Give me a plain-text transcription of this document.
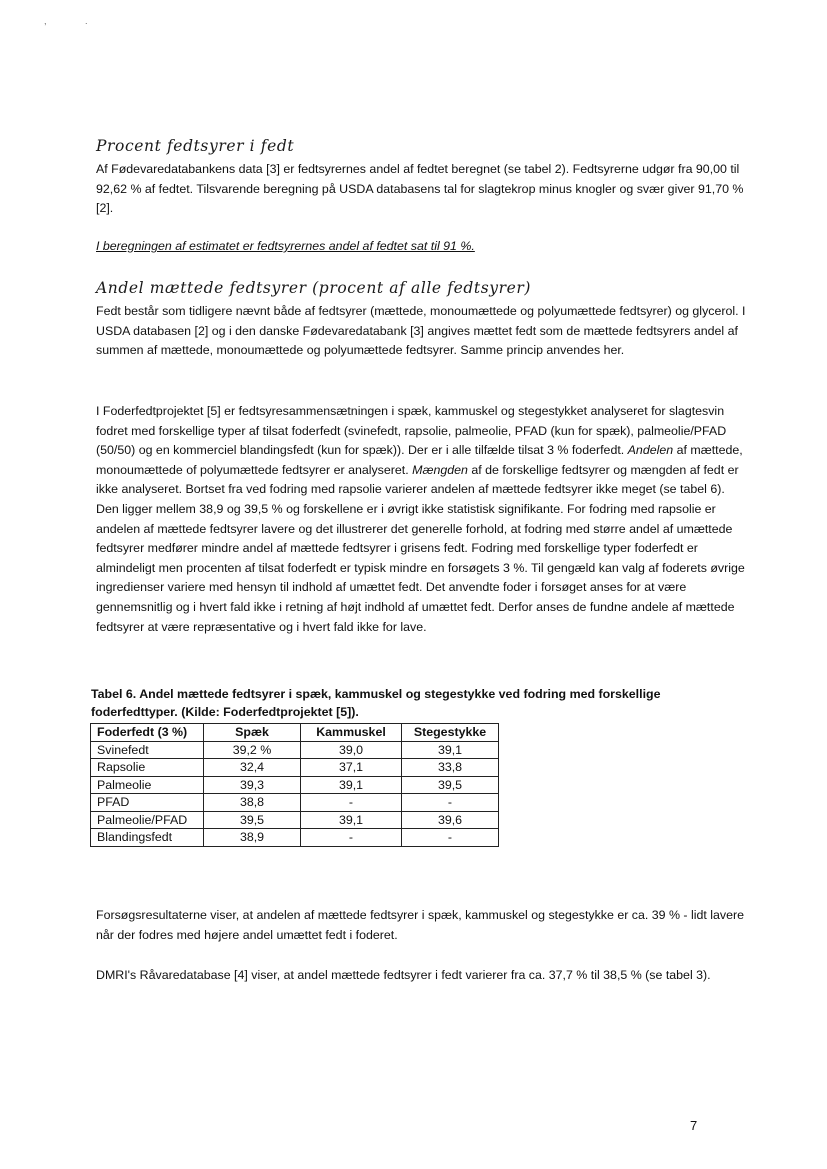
, .
Procent fedtsyrer i fedt

Af Fødevaredatabankens data [3] er fedtsyrernes andel af fedtet beregnet (se tabel 2). Fedtsyrerne udgør fra 90,00 til 92,62 % af fedtet. Tilsvarende beregning på USDA databasens tal for slagtekrop minus knogler og svær giver 91,70 % [2].

I beregningen af estimatet er fedtsyrernes andel af fedtet sat til 91 %.

Andel mættede fedtsyrer (procent af alle fedtsyrer)

Fedt består som tidligere nævnt både af fedtsyrer (mættede, monoumættede og polyumættede fedtsyrer) og glycerol. I USDA databasen [2] og i den danske Fødevaredatabank [3] angives mættet fedt som de mættede fedtsyrers andel af summen af mættede, monoumættede og polyumættede fedtsyrer. Samme princip anvendes her.

I Foderfedtprojektet [5] er fedtsyresammensætningen i spæk, kammuskel og stegestykket analyseret for slagtesvin fodret med forskellige typer af tilsat foderfedt (svinefedt, rapsolie, palmeolie, PFAD (kun for spæk), palmeolie/PFAD (50/50) og en kommerciel blandingsfedt (kun for spæk)). Der er i alle tilfælde tilsat 3 % foderfedt. Andelen af mættede, monoumættede of polyumættede fedtsyrer er analyseret. Mængden af de forskellige fedtsyrer og mængden af fedt er ikke analyseret. Bortset fra ved fodring med rapsolie varierer andelen af mættede fedtsyrer ikke meget (se tabel 6). Den ligger mellem 38,9 og 39,5 % og forskellene er i øvrigt ikke statistisk signifikante. For fodring med rapsolie er andelen af mættede fedtsyrer lavere og det illustrerer det generelle forhold, at fodring med større andel af umættede fedtsyrer medfører mindre andel af mættede fedtsyrer i grisens fedt. Fodring med forskellige typer foderfedt er almindeligt men procenten af tilsat foderfedt er typisk mindre en forsøgets 3 %. Til gengæld kan valg af foderets øvrige ingredienser variere med hensyn til indhold af umættet fedt. Det anvendte foder i forsøget anses for at være gennemsnitlig og i hvert fald ikke i retning af højt indhold af umættet fedt. Derfor anses de fundne andele af mættede fedtsyrer at være repræsentative og i hvert fald ikke for lave.

Tabel 6. Andel mættede fedtsyrer i spæk, kammuskel og stegestykke ved fodring med forskellige foderfedttyper. (Kilde: Foderfedtprojektet [5]).

Foderfedt (3 %)	Spæk	Kammuskel	Stegestykke
Svinefedt	39,2 %	39,0	39,1
Rapsolie	32,4	37,1	33,8
Palmeolie	39,3	39,1	39,5
PFAD	38,8	-	-
Palmeolie/PFAD	39,5	39,1	39,6
Blandingsfedt	38,9	-	-

Forsøgsresultaterne viser, at andelen af mættede fedtsyrer i spæk, kammuskel og stegestykke er ca. 39 % - lidt lavere når der fodres med højere andel umættet fedt i foderet.

DMRI's Råvaredatabase [4] viser, at andel mættede fedtsyrer i fedt varierer fra ca. 37,7 % til 38,5 % (se tabel 3).

7
